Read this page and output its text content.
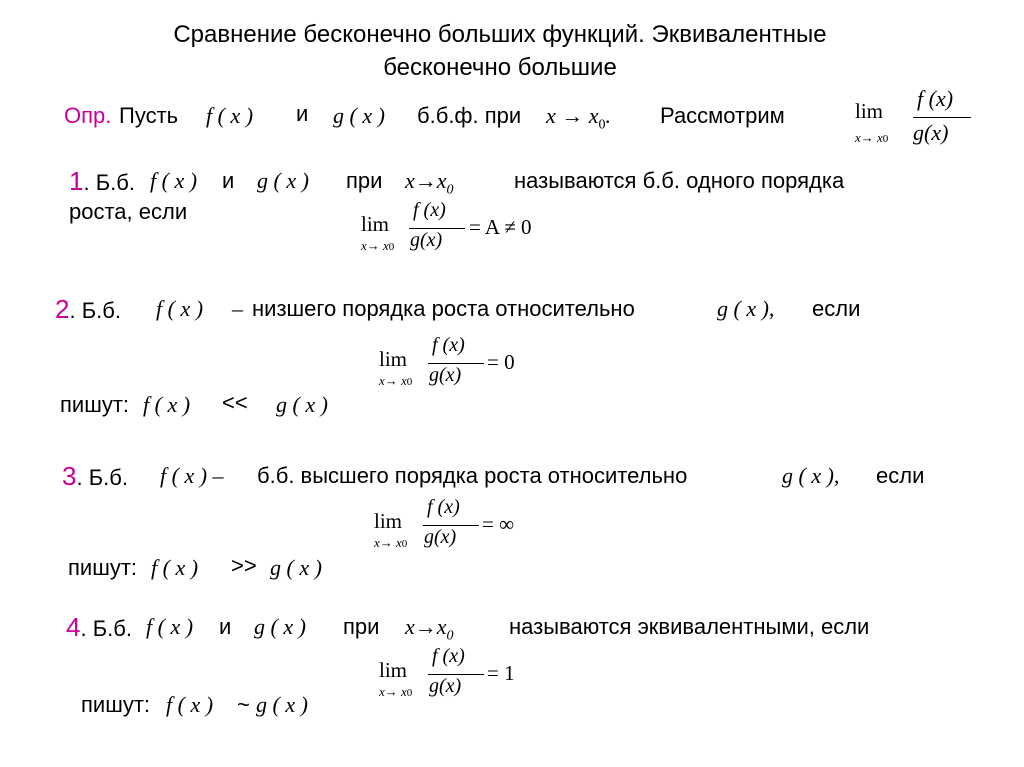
Сравнение бесконечно больших функций. Эквивалентные
бесконечно большие
Опр. Пусть f ( x ) и g ( x ) б.б.ф. при $x \to x_0$. Рассмотрим	lim
x→ x0
f (x)
g(x)
1. Б.б. f ( x ) и g ( x ) при $x\to x_0$	называются б.б. одного порядка
роста, если	lim
x→ x0
f (x)
g(x)
= A ≠ 0
2. Б.б. f ( x ) – низшего порядка роста относительно	g ( x ), если
lim
x→ x0
f (x)
g(x)
= 0
пишут: f ( x ) << g ( x )
3. Б.б. f ( x ) – б.б. высшего порядка роста относительно	g ( x ), если
lim
x→ x0
f (x)
g(x)
= ∞
пишут: f ( x ) >> g ( x )
4. Б.б. f ( x ) и g ( x ) при $x\to x_0$	называются эквивалентными, если
lim
x→ x0
f (x)
g(x)
= 1
пишут: f ( x ) ~ g ( x )
